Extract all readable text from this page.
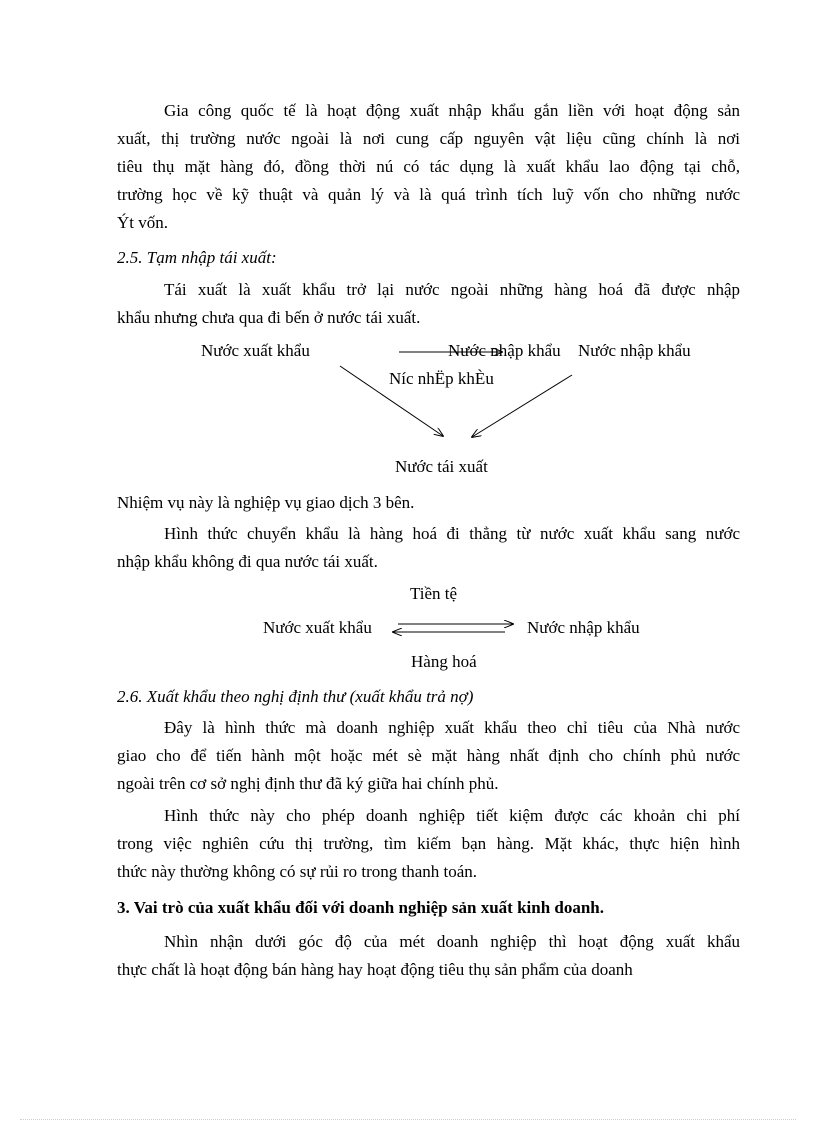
Gia công quốc tế là hoạt động xuất nhập khẩu gắn liền với hoạt động sản
xuất, thị trường nước ngoài là nơi cung cấp nguyên vật liệu cũng chính là nơi
tiêu thụ mặt hàng đó, đồng thời nú có tác dụng là xuất khẩu lao động tại chỗ,
trường học về kỹ thuật và quản lý và là quá trình tích luỹ vốn cho những nước
Ýt vốn.
2.5. Tạm nhập tái xuất:
Tái xuất là xuất khẩu trở lại nước ngoài những hàng hoá đã được nhập
khẩu nhưng chưa qua đi bến ở nước tái xuất.
Nước xuất khẩu	Nước nhập khẩu Nước nhập khẩu
Níc nhËp khÈu
Nước tái xuất
Nhiệm vụ này là nghiệp vụ giao dịch 3 bên.
Hình thức chuyển khẩu là hàng hoá đi thẳng từ nước xuất khẩu sang nước
nhập khẩu không đi qua nước tái xuất.
Tiền tệ
Nước xuất khẩu	Nước nhập khẩu
Hàng hoá
2.6. Xuất khẩu theo nghị định thư (xuất khẩu trả nợ)
Đây là hình thức mà doanh nghiệp xuất khẩu theo chỉ tiêu của Nhà nước
giao cho để tiến hành một hoặc mét sè mặt hàng nhất định cho chính phủ nước
ngoài trên cơ sở nghị định thư đã ký giữa hai chính phủ.
Hình thức này cho phép doanh nghiệp tiết kiệm được các khoản chi phí
trong việc nghiên cứu thị trường, tìm kiếm bạn hàng. Mặt khác, thực hiện hình
thức này thường không có sự rủi ro trong thanh toán.
3. Vai trò của xuất khẩu đối với doanh nghiệp sản xuất kinh doanh.
Nhìn nhận dưới góc độ của mét doanh nghiệp thì hoạt động xuất khẩu
thực chất là hoạt động bán hàng hay hoạt động tiêu thụ sản phẩm của doanh
